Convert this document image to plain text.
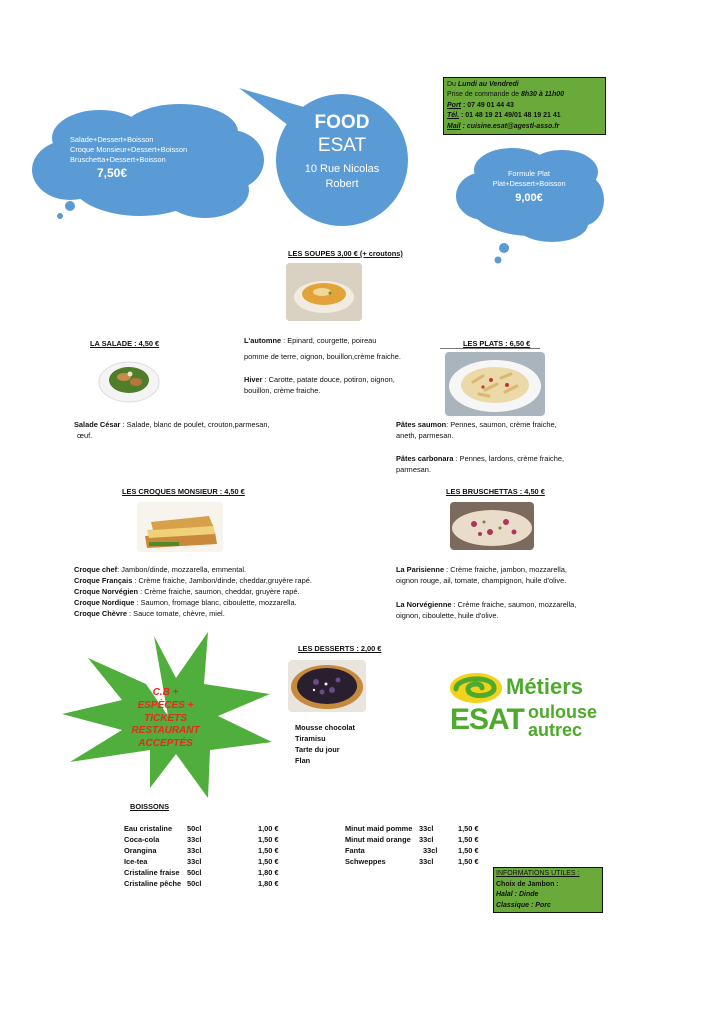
Salade+Dessert+Boisson
Croque Monsieur+Dessert+Boisson
Bruschetta+Dessert+Boisson
7,50€
FOOD
ESAT
10 Rue Nicolas
Robert
Du Lundi au Vendredi
Prise de commande de 8h30 à 11h00
Port : 07 49 01 44 43
Tél. : 01 48 19 21 49/01 48 19 21 41
Mail : cuisine.esat@agestl-asso.fr
Formule Plat
Plat+Dessert+Boisson
9,00€
LES SOUPES 3,00 € (+ croutons)
L'automne : Epinard, courgette, poireau
pomme de terre, oignon, bouillon,crème fraiche.
Hiver : Carotte, patate douce, potiron, oignon,
bouillon, crème fraiche.
LA SALADE : 4,50 €
Salade César : Salade, blanc de poulet, crouton,parmesan,
œuf.
LES PLATS : 6,50 €
Pâtes saumon: Pennes, saumon, crème fraiche,
aneth, parmesan.
Pâtes carbonara : Pennes, lardons, crème fraiche,
parmesan.
LES CROQUES MONSIEUR : 4,50 €
Croque chef: Jambon/dinde, mozzarella, emmental.
Croque Français : Crème fraiche, Jambon/dinde, cheddar,gruyère rapé.
Croque Norvégien : Crème fraiche, saumon, cheddar, gruyère rapé.
Croque Nordique : Saumon, fromage blanc, ciboulette, mozzarella.
Croque Chèvre : Sauce tomate, chèvre, miel.
LES BRUSCHETTAS : 4,50 €
La Parisienne : Crème fraiche, jambon, mozzarella,
oignon rouge, ail, tomate, champignon, huile d'olive.
La Norvégienne : Crème fraiche, saumon, mozzarella,
oignon, ciboulette, huile d'olive.
C.B +
ESPÈCES +
TICKETS
RESTAURANT
ACCEPTÉS
LES DESSERTS : 2,00 €
Mousse chocolat
Tiramisu
Tarte du jour
Flan
Métiers
ESAT oulouse
autrec
BOISSONS
Eau cristaline	50cl	1,00 €
Coca-cola	33cl	1,50 €
Orangina	33cl	1,50 €
Ice-tea	33cl	1,50 €
Cristaline fraise	50cl	1,80 €
Cristaline pêche 50cl	1,80 €
Minut maid pomme 33cl	1,50 €
Minut maid orange	33cl	1,50 €
Fanta	33cl	1,50 €
Schweppes	33cl	1,50 €
INFORMATIONS UTILES :
Choix de Jambon :
Halal : Dinde
Classique : Porc
